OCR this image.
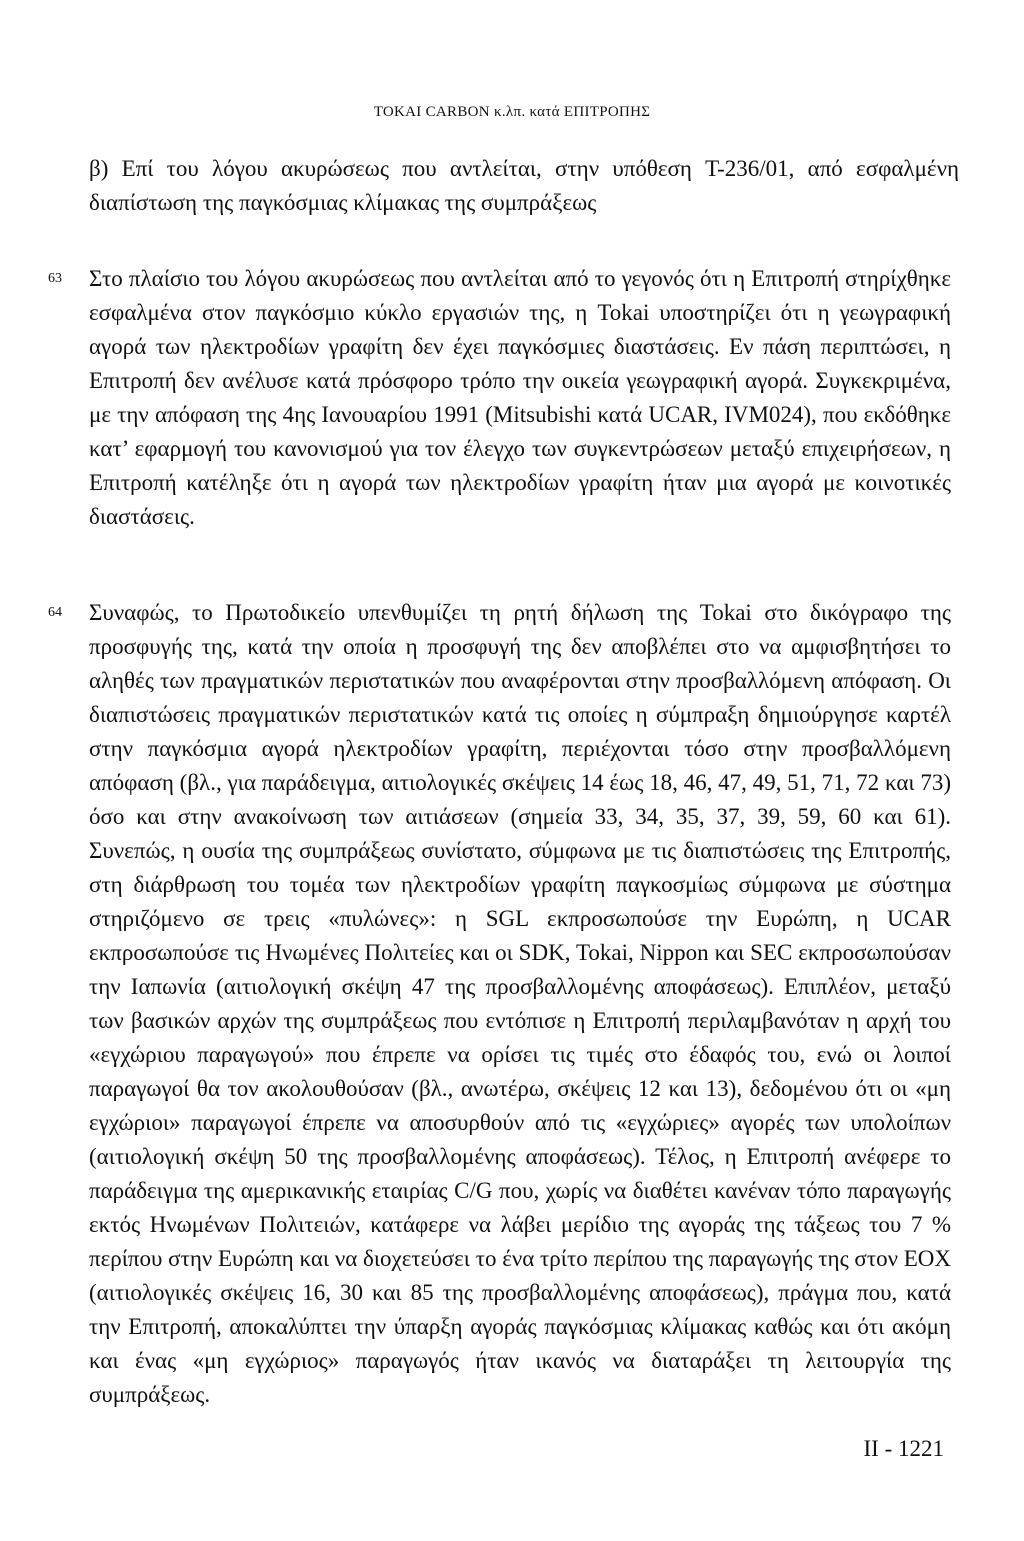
TOKAI CARBON κ.λπ. κατά ΕΠΙΤΡΟΠΗΣ
β) Επί του λόγου ακυρώσεως που αντλείται, στην υπόθεση T-236/01, από εσφαλμένη διαπίστωση της παγκόσμιας κλίμακας της συμπράξεως
63 Στο πλαίσιο του λόγου ακυρώσεως που αντλείται από το γεγονός ότι η Επιτροπή στηρίχθηκε εσφαλμένα στον παγκόσμιο κύκλο εργασιών της, η Tokai υποστηρίζει ότι η γεωγραφική αγορά των ηλεκτροδίων γραφίτη δεν έχει παγκόσμιες διαστάσεις. Εν πάση περιπτώσει, η Επιτροπή δεν ανέλυσε κατά πρόσφορο τρόπο την οικεία γεωγραφική αγορά. Συγκεκριμένα, με την απόφαση της 4ης Ιανουαρίου 1991 (Mitsubishi κατά UCAR, IVM024), που εκδόθηκε κατ’ εφαρμογή του κανονισμού για τον έλεγχο των συγκεντρώσεων μεταξύ επιχειρήσεων, η Επιτροπή κατέληξε ότι η αγορά των ηλεκτροδίων γραφίτη ήταν μια αγορά με κοινοτικές διαστάσεις.
64 Συναφώς, το Πρωτοδικείο υπενθυμίζει τη ρητή δήλωση της Tokai στο δικόγραφο της προσφυγής της, κατά την οποία η προσφυγή της δεν αποβλέπει στο να αμφισβητήσει το αληθές των πραγματικών περιστατικών που αναφέρονται στην προσβαλλόμενη απόφαση. Οι διαπιστώσεις πραγματικών περιστατικών κατά τις οποίες η σύμπραξη δημιούργησε καρτέλ στην παγκόσμια αγορά ηλεκτροδίων γραφίτη, περιέχονται τόσο στην προσβαλλόμενη απόφαση (βλ., για παράδειγμα, αιτιολογικές σκέψεις 14 έως 18, 46, 47, 49, 51, 71, 72 και 73) όσο και στην ανακοίνωση των αιτιάσεων (σημεία 33, 34, 35, 37, 39, 59, 60 και 61). Συνεπώς, η ουσία της συμπράξεως συνίστατο, σύμφωνα με τις διαπιστώσεις της Επιτροπής, στη διάρθρωση του τομέα των ηλεκτροδίων γραφίτη παγκοσμίως σύμφωνα με σύστημα στηριζόμενο σε τρεις «πυλώνες»: η SGL εκπροσωπούσε την Ευρώπη, η UCAR εκπροσωπούσε τις Ηνωμένες Πολιτείες και οι SDK, Tokai, Nippon και SEC εκπροσωπούσαν την Ιαπωνία (αιτιολογική σκέψη 47 της προσβαλλομένης αποφάσεως). Επιπλέον, μεταξύ των βασικών αρχών της συμπράξεως που εντόπισε η Επιτροπή περιλαμβανόταν η αρχή του «εγχώριου παραγωγού» που έπρεπε να ορίσει τις τιμές στο έδαφός του, ενώ οι λοιποί παραγωγοί θα τον ακολουθούσαν (βλ., ανωτέρω, σκέψεις 12 και 13), δεδομένου ότι οι «μη εγχώριοι» παραγωγοί έπρεπε να αποσυρθούν από τις «εγχώριες» αγορές των υπολοίπων (αιτιολογική σκέψη 50 της προσβαλλομένης αποφάσεως). Τέλος, η Επιτροπή ανέφερε το παράδειγμα της αμερικανικής εταιρίας C/G που, χωρίς να διαθέτει κανέναν τόπο παραγωγής εκτός Ηνωμένων Πολιτειών, κατάφερε να λάβει μερίδιο της αγοράς της τάξεως του 7 % περίπου στην Ευρώπη και να διοχετεύσει το ένα τρίτο περίπου της παραγωγής της στον ΕΟΧ (αιτιολογικές σκέψεις 16, 30 και 85 της προσβαλλομένης αποφάσεως), πράγμα που, κατά την Επιτροπή, αποκαλύπτει την ύπαρξη αγοράς παγκόσμιας κλίμακας καθώς και ότι ακόμη και ένας «μη εγχώριος» παραγωγός ήταν ικανός να διαταράξει τη λειτουργία της συμπράξεως.
II - 1221
